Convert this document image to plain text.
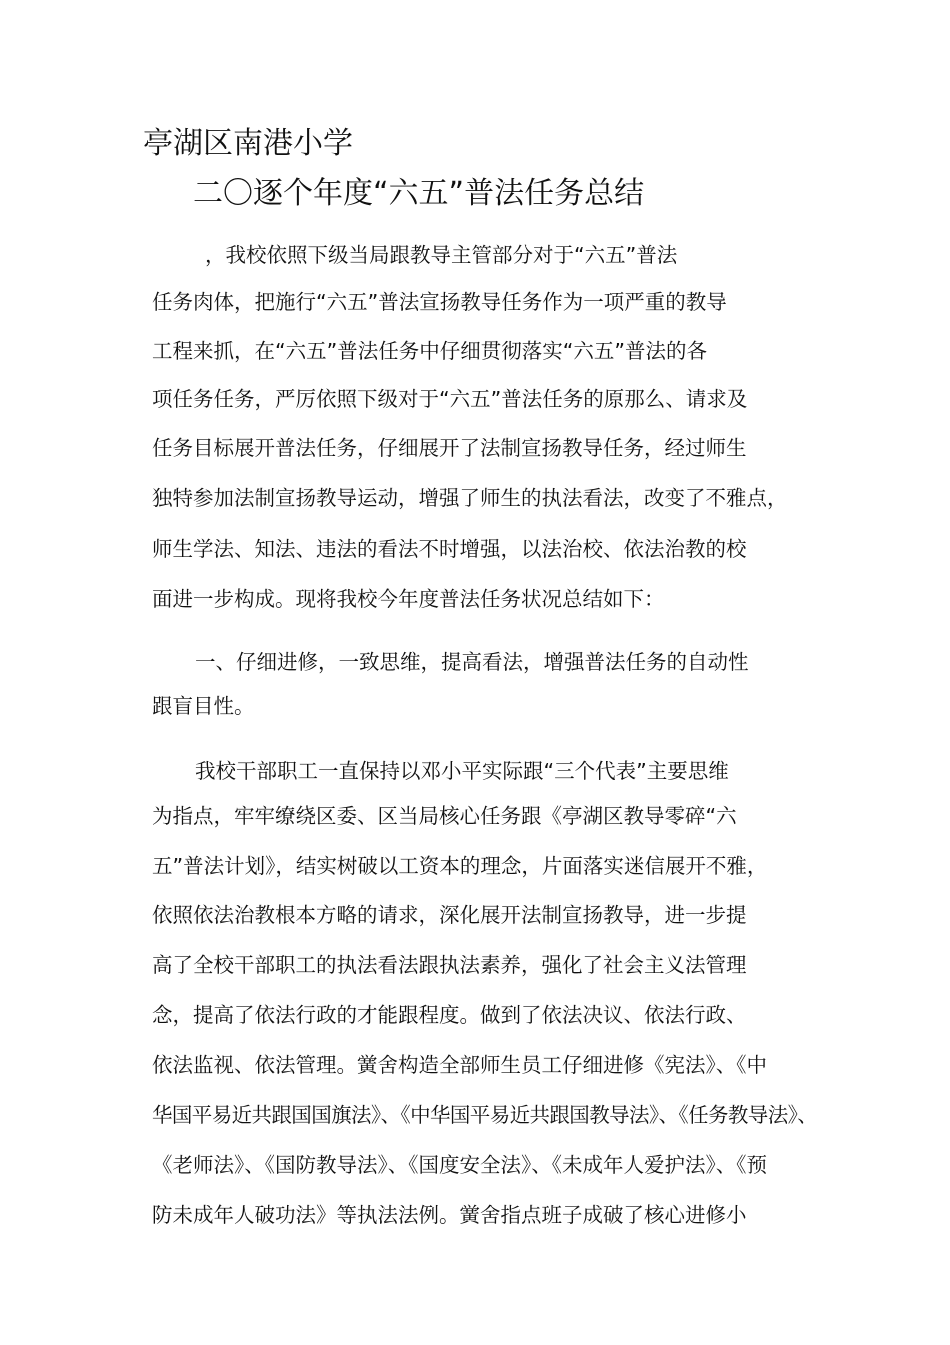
亭湖区南港小学
二〇逐个年度“六五”普法任务总结
，我校依照下级当局跟教导主管部分对于“六五”普法
任务肉体，把施行“六五”普法宣扬教导任务作为一项严重的教导
工程来抓，在“六五”普法任务中仔细贯彻落实“六五”普法的各
项任务任务，严厉依照下级对于“六五”普法任务的原那么、请求及
任务目标展开普法任务，仔细展开了法制宣扬教导任务，经过师生
独特参加法制宣扬教导运动，增强了师生的执法看法，改变了不雅点，
师生学法、知法、违法的看法不时增强，以法治校、依法治教的校
面进一步构成。现将我校今年度普法任务状况总结如下：
一、仔细进修，一致思维，提高看法，增强普法任务的自动性
跟盲目性。
我校干部职工一直保持以邓小平实际跟“三个代表”主要思维
为指点，牢牢缭绕区委、区当局核心任务跟《亭湖区教导零碎“六
五”普法计划》，结实树破以工资本的理念，片面落实迷信展开不雅，
依照依法治教根本方略的请求，深化展开法制宣扬教导，进一步提
高了全校干部职工的执法看法跟执法素养，强化了社会主义法管理
念，提高了依法行政的才能跟程度。做到了依法决议、依法行政、
依法监视、依法管理。黉舍构造全部师生员工仔细进修《宪法》、《中
华国平易近共跟国国旗法》、《中华国平易近共跟国教导法》、《任务教导法》、
《老师法》、《国防教导法》、《国度安全法》、《未成年人爱护法》、《预
防未成年人破功法》等执法法例。黉舍指点班子成破了核心进修小
